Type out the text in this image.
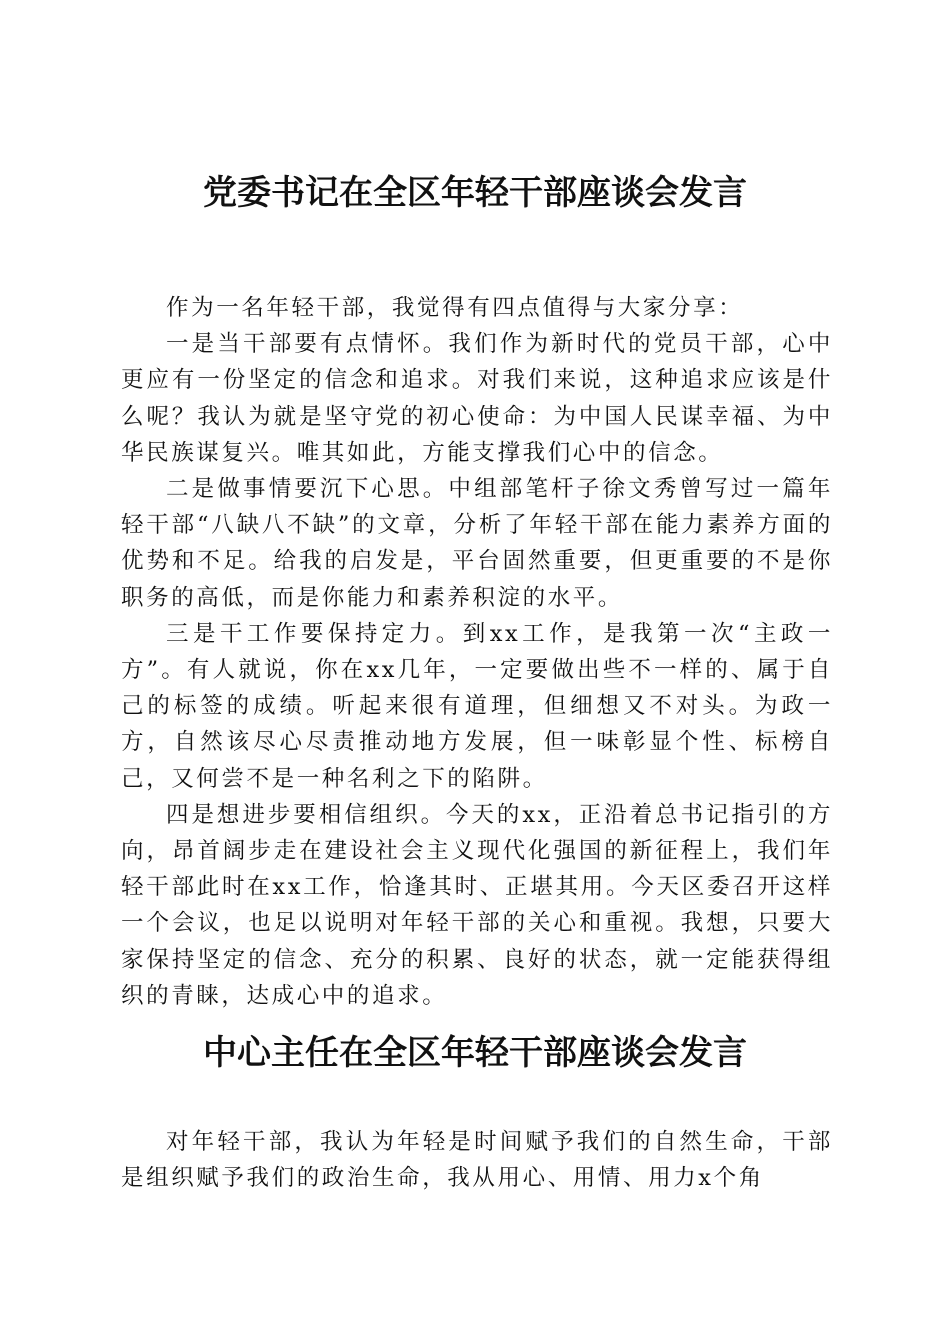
党委书记在全区年轻干部座谈会发言

作为一名年轻干部，我觉得有四点值得与大家分享：

一是当干部要有点情怀。我们作为新时代的党员干部，心中更应有一份坚定的信念和追求。对我们来说，这种追求应该是什么呢？我认为就是坚守党的初心使命：为中国人民谋幸福、为中华民族谋复兴。唯其如此，方能支撑我们心中的信念。

二是做事情要沉下心思。中组部笔杆子徐文秀曾写过一篇年轻干部“八缺八不缺”的文章，分析了年轻干部在能力素养方面的优势和不足。给我的启发是，平台固然重要，但更重要的不是你职务的高低，而是你能力和素养积淀的水平。

三是干工作要保持定力。到xx工作，是我第一次“主政一方”。有人就说，你在xx几年，一定要做出些不一样的、属于自己的标签的成绩。听起来很有道理，但细想又不对头。为政一方，自然该尽心尽责推动地方发展，但一味彰显个性、标榜自己，又何尝不是一种名利之下的陷阱。

四是想进步要相信组织。今天的xx，正沿着总书记指引的方向，昂首阔步走在建设社会主义现代化强国的新征程上，我们年轻干部此时在xx工作，恰逢其时、正堪其用。今天区委召开这样一个会议，也足以说明对年轻干部的关心和重视。我想，只要大家保持坚定的信念、充分的积累、良好的状态，就一定能获得组织的青睐，达成心中的追求。

中心主任在全区年轻干部座谈会发言

对年轻干部，我认为年轻是时间赋予我们的自然生命，干部是组织赋予我们的政治生命，我从用心、用情、用力x个角
